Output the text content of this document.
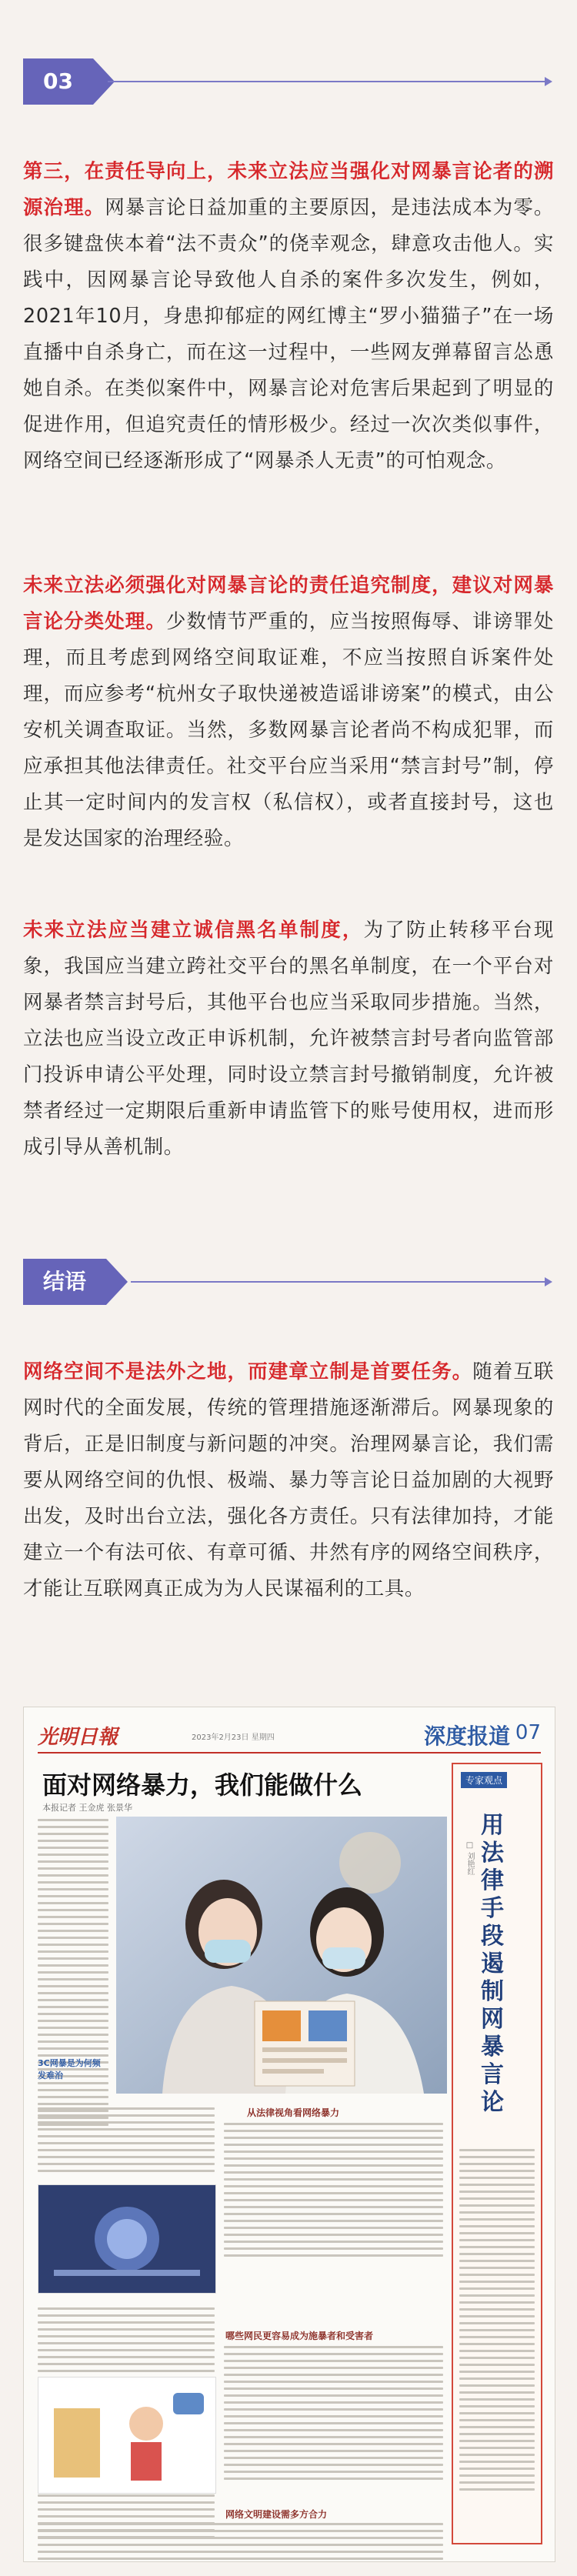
03
第三，在责任导向上，未来立法应当强化对网暴言论者的溯源治理。网暴言论日益加重的主要原因，是违法成本为零。很多键盘侠本着“法不责众”的侥幸观念，肆意攻击他人。实践中，因网暴言论导致他人自杀的案件多次发生，例如，2021年10月，身患抑郁症的网红博主“罗小猫猫子”在一场直播中自杀身亡，而在这一过程中，一些网友弹幕留言怂恿她自杀。在类似案件中，网暴言论对危害后果起到了明显的促进作用，但追究责任的情形极少。经过一次次类似事件，网络空间已经逐渐形成了“网暴杀人无责”的可怕观念。
未来立法必须强化对网暴言论的责任追究制度，建议对网暴言论分类处理。少数情节严重的，应当按照侮辱、诽谤罪处理，而且考虑到网络空间取证难，不应当按照自诉案件处理，而应参考“杭州女子取快递被造谣诽谤案”的模式，由公安机关调查取证。当然，多数网暴言论者尚不构成犯罪，而应承担其他法律责任。社交平台应当采用“禁言封号”制，停止其一定时间内的发言权（私信权），或者直接封号，这也是发达国家的治理经验。
未来立法应当建立诚信黑名单制度，为了防止转移平台现象，我国应当建立跨社交平台的黑名单制度，在一个平台对网暴者禁言封号后，其他平台也应当采取同步措施。当然，立法也应当设立改正申诉机制，允许被禁言封号者向监管部门投诉申请公平处理，同时设立禁言封号撤销制度，允许被禁者经过一定期限后重新申请监管下的账号使用权，进而形成引导从善机制。
结语
网络空间不是法外之地，而建章立制是首要任务。随着互联网时代的全面发展，传统的管理措施逐渐滞后。网暴现象的背后，正是旧制度与新问题的冲突。治理网暴言论，我们需要从网络空间的仇恨、极端、暴力等言论日益加剧的大视野出发，及时出台立法，强化各方责任。只有法律加持，才能建立一个有法可依、有章可循、井然有序的网络空间秩序，才能让互联网真正成为为人民谋福利的工具。
光明日報	2023年2月23日 星期四	深度报道 07
面对网络暴力，我们能做什么
本报记者 王金虎 张景华
3C网暴是为何频发难治
从法律视角看网络暴力
哪些网民更容易成为施暴者和受害者
网络文明建设需多方合力
专家观点
□ 刘艳红
用法律手段遏制网暴言论
